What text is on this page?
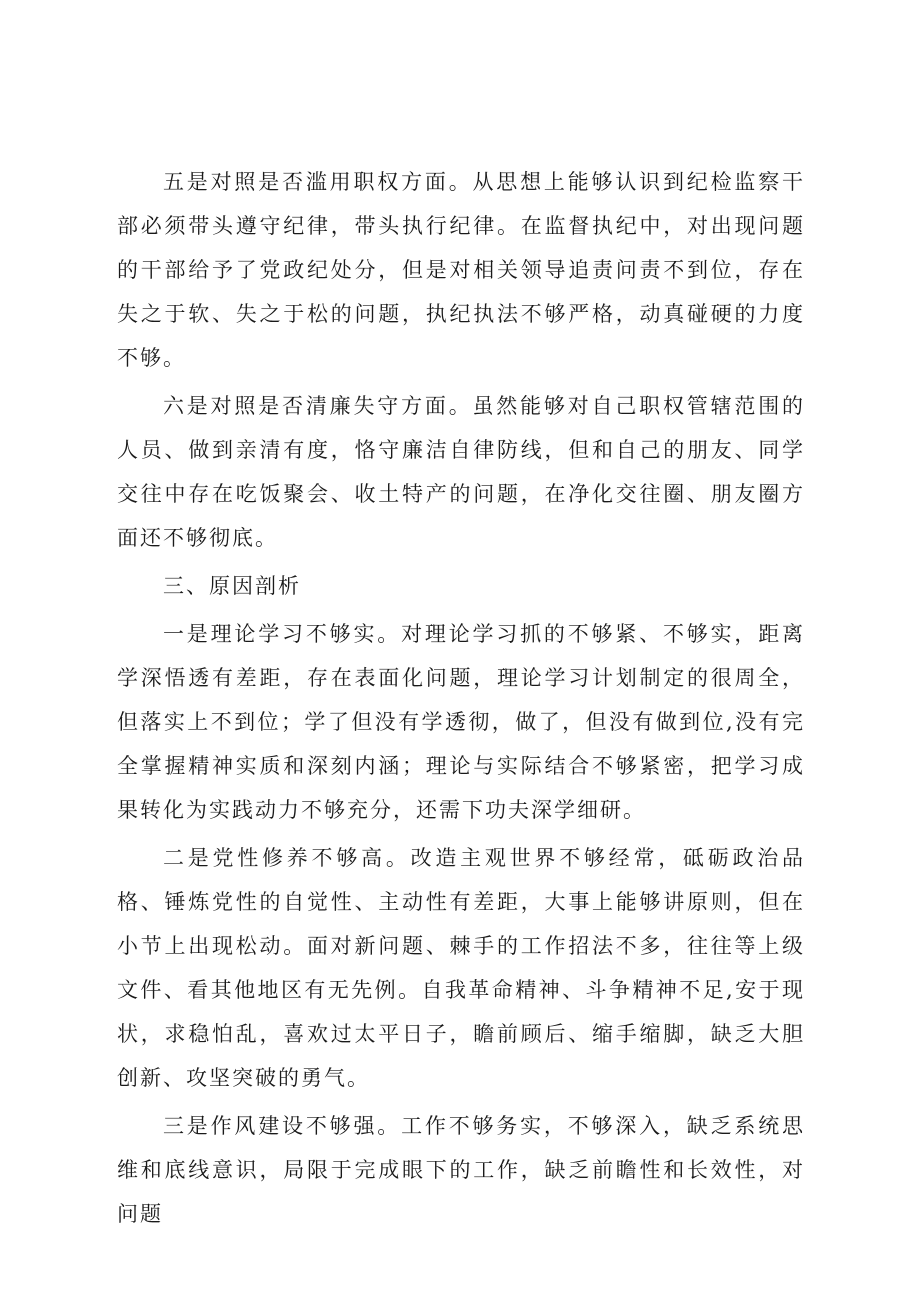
五是对照是否滥用职权方面。从思想上能够认识到纪检监察干部必须带头遵守纪律，带头执行纪律。在监督执纪中，对出现问题的干部给予了党政纪处分，但是对相关领导追责问责不到位，存在失之于软、失之于松的问题，执纪执法不够严格，动真碰硬的力度不够。

六是对照是否清廉失守方面。虽然能够对自己职权管辖范围的人员、做到亲清有度，恪守廉洁自律防线，但和自己的朋友、同学交往中存在吃饭聚会、收土特产的问题，在净化交往圈、朋友圈方面还不够彻底。

三、原因剖析

一是理论学习不够实。对理论学习抓的不够紧、不够实，距离学深悟透有差距，存在表面化问题，理论学习计划制定的很周全，但落实上不到位；学了但没有学透彻，做了，但没有做到位,没有完全掌握精神实质和深刻内涵；理论与实际结合不够紧密，把学习成果转化为实践动力不够充分，还需下功夫深学细研。

二是党性修养不够高。改造主观世界不够经常，砥砺政治品格、锤炼党性的自觉性、主动性有差距，大事上能够讲原则，但在小节上出现松动。面对新问题、棘手的工作招法不多，往往等上级文件、看其他地区有无先例。自我革命精神、斗争精神不足,安于现状，求稳怕乱，喜欢过太平日子，瞻前顾后、缩手缩脚，缺乏大胆创新、攻坚突破的勇气。

三是作风建设不够强。工作不够务实，不够深入，缺乏系统思维和底线意识，局限于完成眼下的工作，缺乏前瞻性和长效性，对问题
